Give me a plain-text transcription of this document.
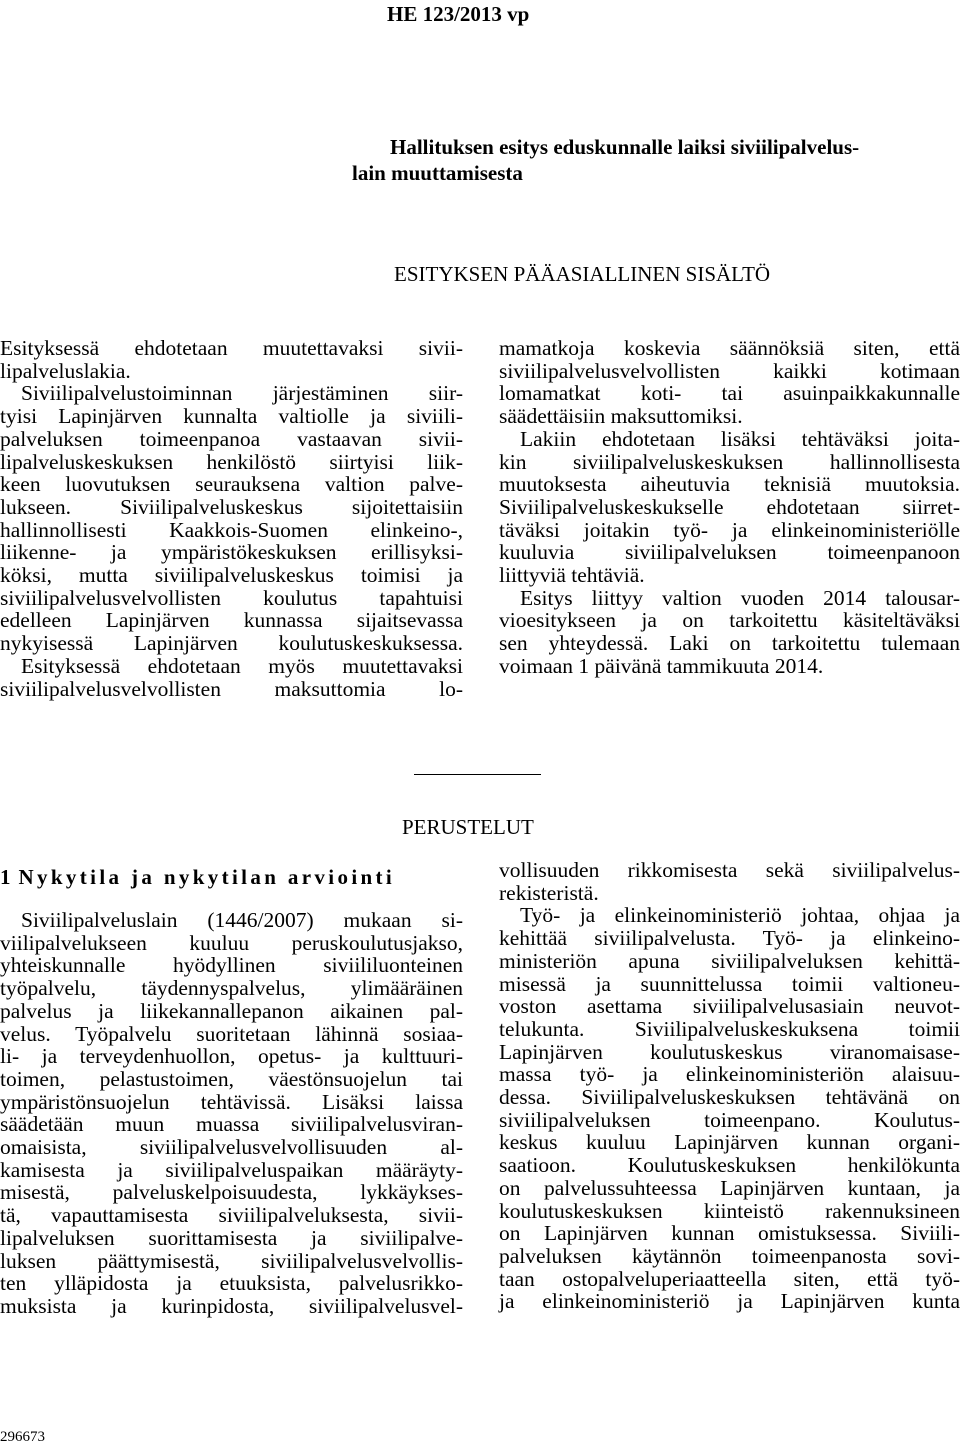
HE 123/2013 vp
Hallituksen esitys eduskunnalle laiksi siviilipalvelus-
lain muuttamisesta
ESITYKSEN PÄÄASIALLINEN SISÄLTÖ
Esityksessä ehdotetaan muutettavaksi sivii-
lipalveluslakia.
Siviilipalvelustoiminnan järjestäminen siir-
tyisi Lapinjärven kunnalta valtiolle ja siviili-
palveluksen toimeenpanoa vastaavan sivii-
lipalveluskeskuksen henkilöstö siirtyisi liik-
keen luovutuksen seurauksena valtion palve-
lukseen. Siviilipalveluskeskus sijoitettaisiin
hallinnollisesti Kaakkois-Suomen elinkeino-,
liikenne- ja ympäristökeskuksen erillisyksi-
köksi, mutta siviilipalveluskeskus toimisi ja
siviilipalvelusvelvollisten koulutus tapahtuisi
edelleen Lapinjärven kunnassa sijaitsevassa
nykyisessä Lapinjärven koulutuskeskuksessa.
Esityksessä ehdotetaan myös muutettavaksi
siviilipalvelusvelvollisten maksuttomia lo-
mamatkoja koskevia säännöksiä siten, että
siviilipalvelusvelvollisten kaikki kotimaan
lomamatkat koti- tai asuinpaikkakunnalle
säädettäisiin maksuttomiksi.
Lakiin ehdotetaan lisäksi tehtäväksi joita-
kin siviilipalveluskeskuksen hallinnollisesta
muutoksesta aiheutuvia teknisiä muutoksia.
Siviilipalveluskeskukselle ehdotetaan siirret-
täväksi joitakin työ- ja elinkeinoministeriölle
kuuluvia siviilipalveluksen toimeenpanoon
liittyviä tehtäviä.
Esitys liittyy valtion vuoden 2014 talousar-
vioesitykseen ja on tarkoitettu käsiteltäväksi
sen yhteydessä. Laki on tarkoitettu tulemaan
voimaan 1 päivänä tammikuuta 2014.
PERUSTELUT
1 Nykytila ja nykytilan arviointi
Siviilipalveluslain (1446/2007) mukaan si-
viilipalvelukseen kuuluu peruskoulutusjakso,
yhteiskunnalle hyödyllinen siviililuonteinen
työpalvelu, täydennyspalvelus, ylimääräinen
palvelus ja liikekannallepanon aikainen pal-
velus. Työpalvelu suoritetaan lähinnä sosiaa-
li- ja terveydenhuollon, opetus- ja kulttuuri-
toimen, pelastustoimen, väestönsuojelun tai
ympäristönsuojelun tehtävissä. Lisäksi laissa
säädetään muun muassa siviilipalvelusviran-
omaisista, siviilipalvelusvelvollisuuden al-
kamisesta ja siviilipalveluspaikan määräyty-
misestä, palveluskelpoisuudesta, lykkäykses-
tä, vapauttamisesta siviilipalveluksesta, sivii-
lipalveluksen suorittamisesta ja siviilipalve-
luksen päättymisestä, siviilipalvelusvelvollis-
ten ylläpidosta ja etuuksista, palvelusrikko-
muksista ja kurinpidosta, siviilipalvelusvel-
vollisuuden rikkomisesta sekä siviilipalvelus-
rekisteristä.
Työ- ja elinkeinoministeriö johtaa, ohjaa ja
kehittää siviilipalvelusta. Työ- ja elinkeino-
ministeriön apuna siviilipalveluksen kehittä-
misessä ja suunnittelussa toimii valtioneu-
voston asettama siviilipalvelusasiain neuvot-
telukunta. Siviilipalveluskeskuksena toimii
Lapinjärven koulutuskeskus viranomaisase-
massa työ- ja elinkeinoministeriön alaisuu-
dessa. Siviilipalveluskeskuksen tehtävänä on
siviilipalveluksen toimeenpano. Koulutus-
keskus kuuluu Lapinjärven kunnan organi-
saatioon. Koulutuskeskuksen henkilökunta
on palvelussuhteessa Lapinjärven kuntaan, ja
koulutuskeskuksen kiinteistö rakennuksineen
on Lapinjärven kunnan omistuksessa. Siviili-
palveluksen käytännön toimeenpanosta sovi-
taan ostopalveluperiaatteella siten, että työ-
ja elinkeinoministeriö ja Lapinjärven kunta
296673
